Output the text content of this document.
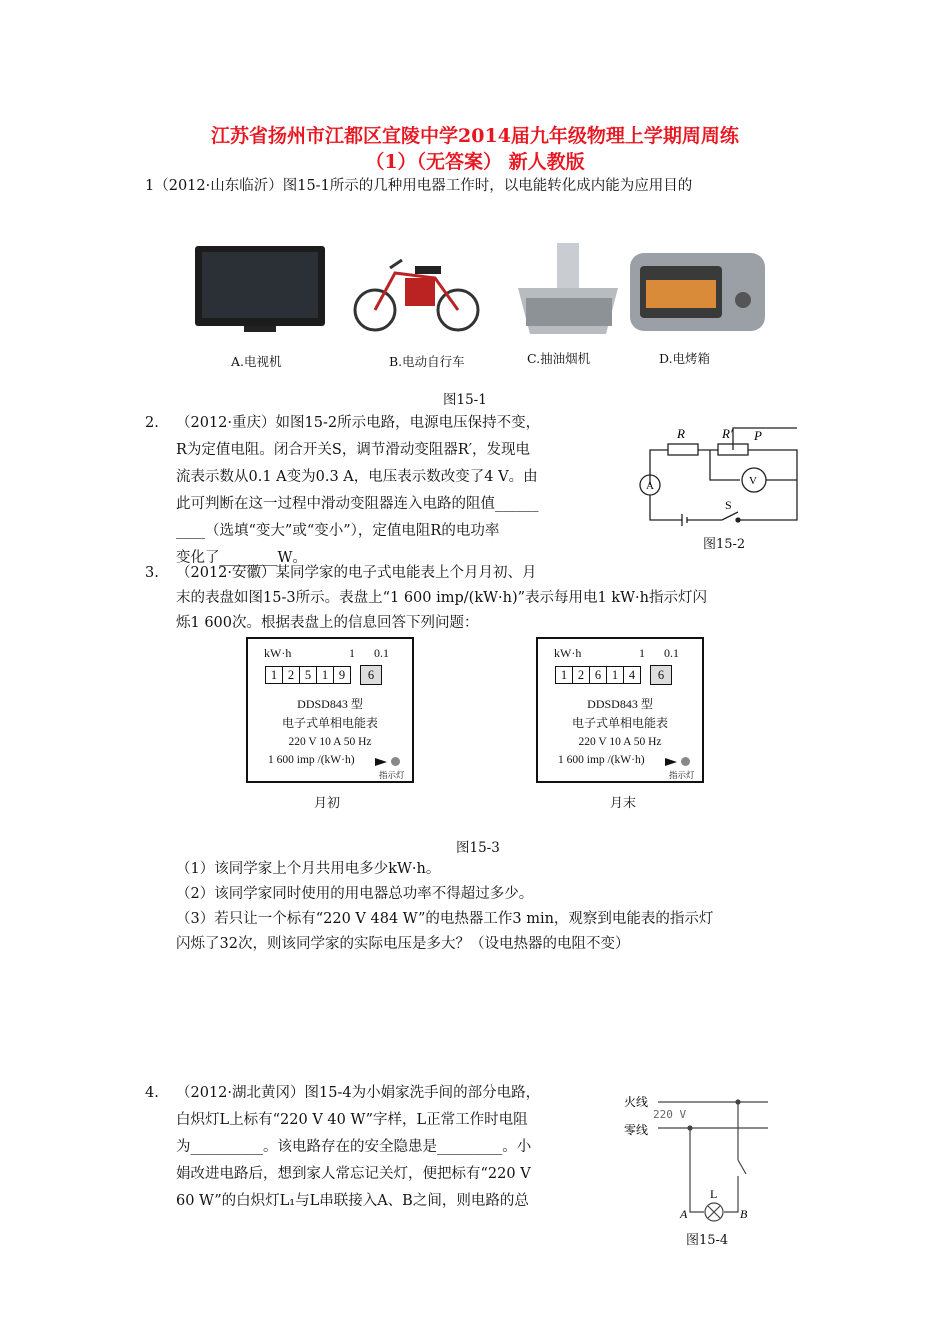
江苏省扬州市江都区宜陵中学2014届九年级物理上学期周周练
（1）（无答案） 新人教版
1（2012·山东临沂）图15-1所示的几种用电器工作时，以电能转化成内能为应用目的
A.电视机	B.电动自行车	C.抽油烟机	D.电烤箱
图15-1
2. （2012·重庆）如图15-2所示电路，电源电压保持不变，
R为定值电阻。闭合开关S，调节滑动变阻器R′，发现电
流表示数从0.1 A变为0.3 A，电压表示数改变了4 V。由
此可判断在这一过程中滑动变阻器连入电路的阻值______
____（选填“变大”或“变小”），定值电阻R的电功率
变化了________W。
R	R′ P
A	V
S
图15-2
3. （2012·安徽）某同学家的电子式电能表上个月月初、月
末的表盘如图15-3所示。表盘上“1 600 imp/(kW·h)”表示每用电1 kW·h指示灯闪
烁1 600次。根据表盘上的信息回答下列问题：
kW·h	1 0.1
1 2 5 1 9	6
DDSD843 型
电子式单相电能表
220 V 10 A 50 Hz
1 600 imp /(kW·h)
指示灯
月初
kW·h	1 0.1
1 2 6 1 4	6
DDSD843 型
电子式单相电能表
220 V 10 A 50 Hz
1 600 imp /(kW·h)
指示灯
月末
图15-3
（1）该同学家上个月共用电多少kW·h。
（2）该同学家同时使用的用电器总功率不得超过多少。
（3）若只让一个标有“220 V 484 W”的电热器工作3 min，观察到电能表的指示灯
闪烁了32次，则该同学家的实际电压是多大？（设电热器的电阻不变）
4. （2012·湖北黄冈）图15-4为小娟家洗手间的部分电路，
白炽灯L上标有“220 V 40 W”字样，L正常工作时电阻
为__________。该电路存在的安全隐患是_________。小
娟改进电路后，想到家人常忘记关灯，便把标有“220 V
60 W”的白炽灯L₁与L串联接入A、B之间，则电路的总
火线
零线
220 V
L
A	B
图15-4
